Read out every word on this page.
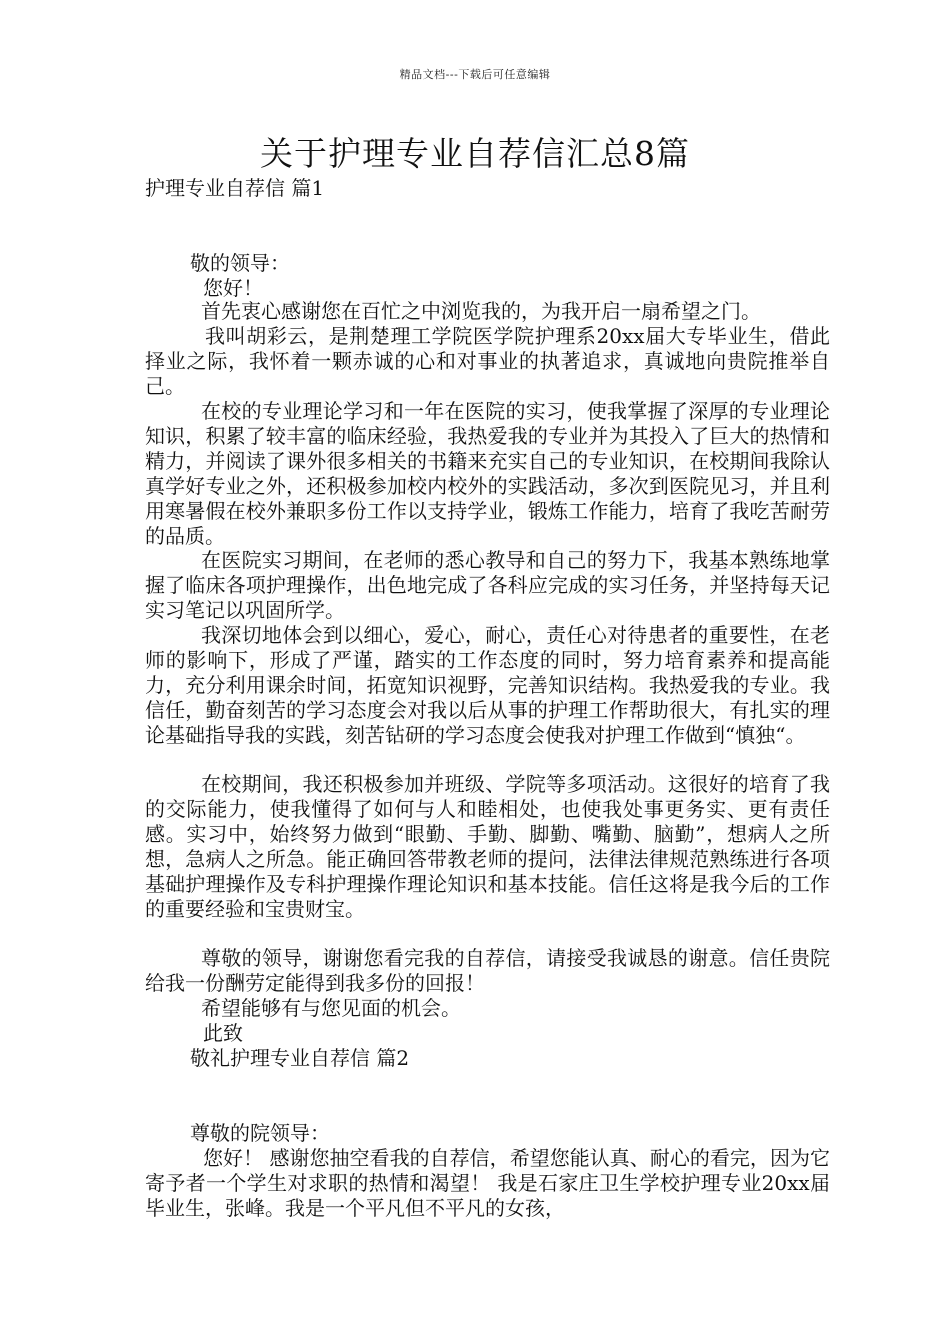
精品文档---下载后可任意编辑
关于护理专业自荐信汇总8篇

护理专业自荐信 篇1

敬的领导：

您好！

首先衷心感谢您在百忙之中浏览我的，为我开启一扇希望之门。

我叫胡彩云，是荆楚理工学院医学院护理系20xx届大专毕业生，借此择业之际，我怀着一颗赤诚的心和对事业的执著追求，真诚地向贵院推举自己。

在校的专业理论学习和一年在医院的实习，使我掌握了深厚的专业理论知识，积累了较丰富的临床经验，我热爱我的专业并为其投入了巨大的热情和精力，并阅读了课外很多相关的书籍来充实自己的专业知识，在校期间我除认真学好专业之外，还积极参加校内校外的实践活动，多次到医院见习，并且利用寒暑假在校外兼职多份工作以支持学业，锻炼工作能力，培育了我吃苦耐劳的品质。

在医院实习期间，在老师的悉心教导和自己的努力下，我基本熟练地掌握了临床各项护理操作，出色地完成了各科应完成的实习任务，并坚持每天记实习笔记以巩固所学。

我深切地体会到以细心，爱心，耐心，责任心对待患者的重要性，在老师的影响下，形成了严谨，踏实的工作态度的同时，努力培育素养和提高能力，充分利用课余时间，拓宽知识视野，完善知识结构。我热爱我的专业。我信任，勤奋刻苦的学习态度会对我以后从事的护理工作帮助很大，有扎实的理论基础指导我的实践，刻苦钻研的学习态度会使我对护理工作做到“慎独“。

在校期间，我还积极参加并班级、学院等多项活动。这很好的培育了我的交际能力，使我懂得了如何与人和睦相处，也使我处事更务实、更有责任感。实习中，始终努力做到“眼勤、手勤、脚勤、嘴勤、脑勤”，想病人之所想，急病人之所急。能正确回答带教老师的提问，法律法律规范熟练进行各项基础护理操作及专科护理操作理论知识和基本技能。信任这将是我今后的工作的重要经验和宝贵财宝。

尊敬的领导，谢谢您看完我的自荐信，请接受我诚恳的谢意。信任贵院给我一份酬劳定能得到我多份的回报！

希望能够有与您见面的机会。

此致

敬礼护理专业自荐信 篇2

尊敬的院领导：

您好！ 感谢您抽空看我的自荐信，希望您能认真、耐心的看完，因为它寄予者一个学生对求职的热情和渴望！ 我是石家庄卫生学校护理专业20xx届毕业生，张峰。我是一个平凡但不平凡的女孩，
